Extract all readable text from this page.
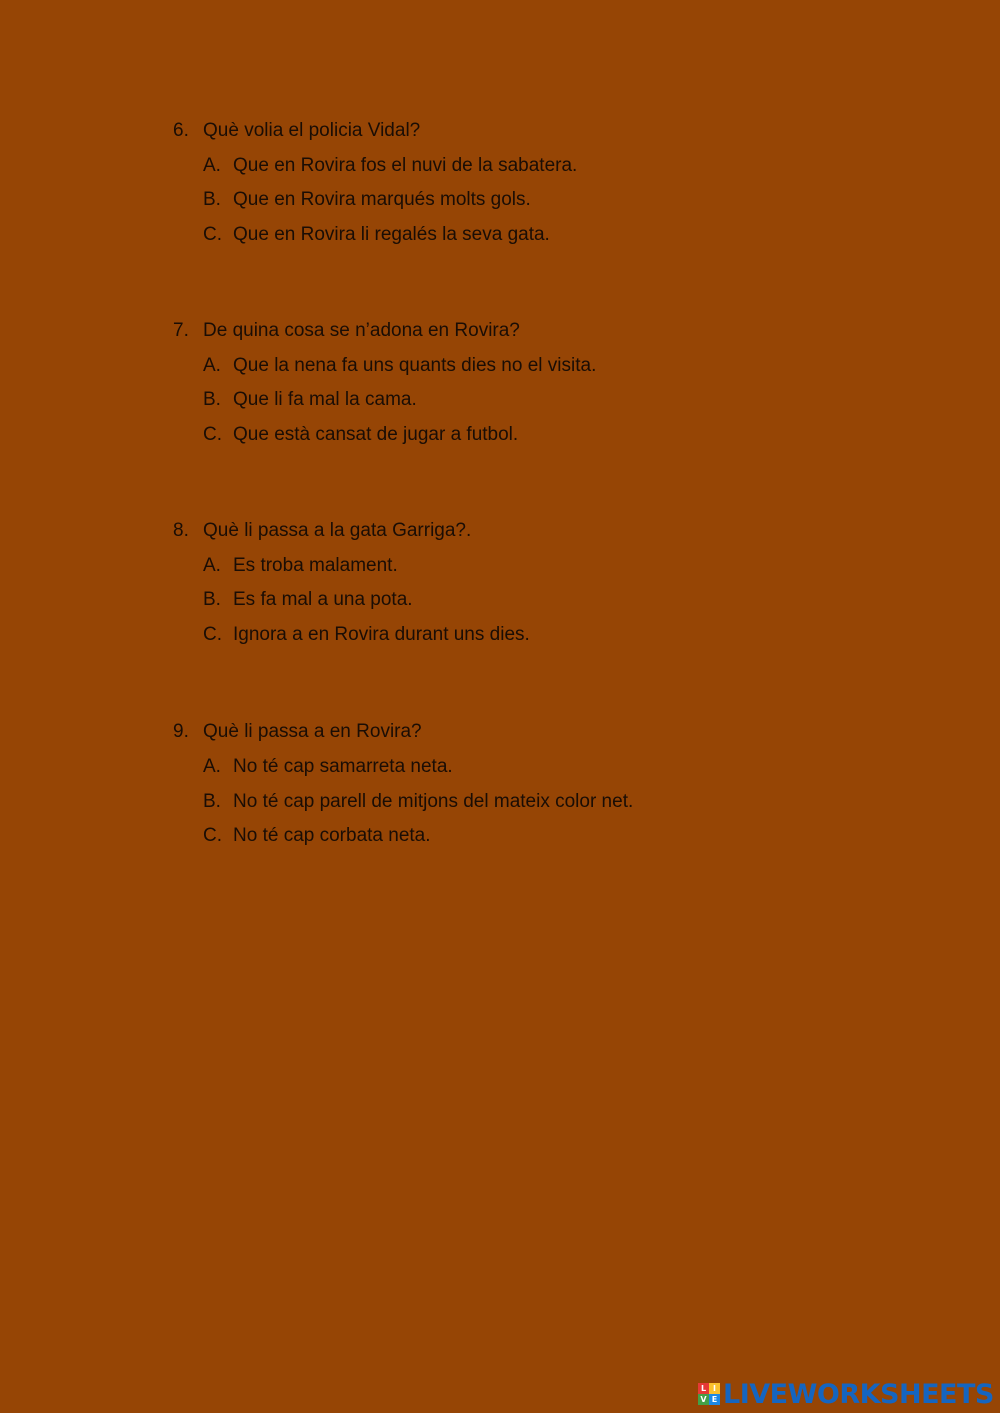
6. Què volia el policia Vidal?
A. Que en Rovira fos el nuvi de la sabatera.
B. Que en Rovira marqués molts gols.
C. Que en Rovira li regalés la seva gata.
7. De quina cosa se n’adona en Rovira?
A. Que la nena fa uns quants dies no el visita.
B. Que li fa mal la cama.
C. Que està cansat de jugar a futbol.
8. Què li passa a la gata Garriga?.
A. Es troba malament.
B. Es fa mal a una pota.
C. Ignora a en Rovira durant uns dies.
9. Què li passa a en Rovira?
A. No té cap samarreta neta.
B. No té cap parell de mitjons del mateix color net.
C. No té cap corbata neta.
L I
V E LIVEWORKSHEETS
